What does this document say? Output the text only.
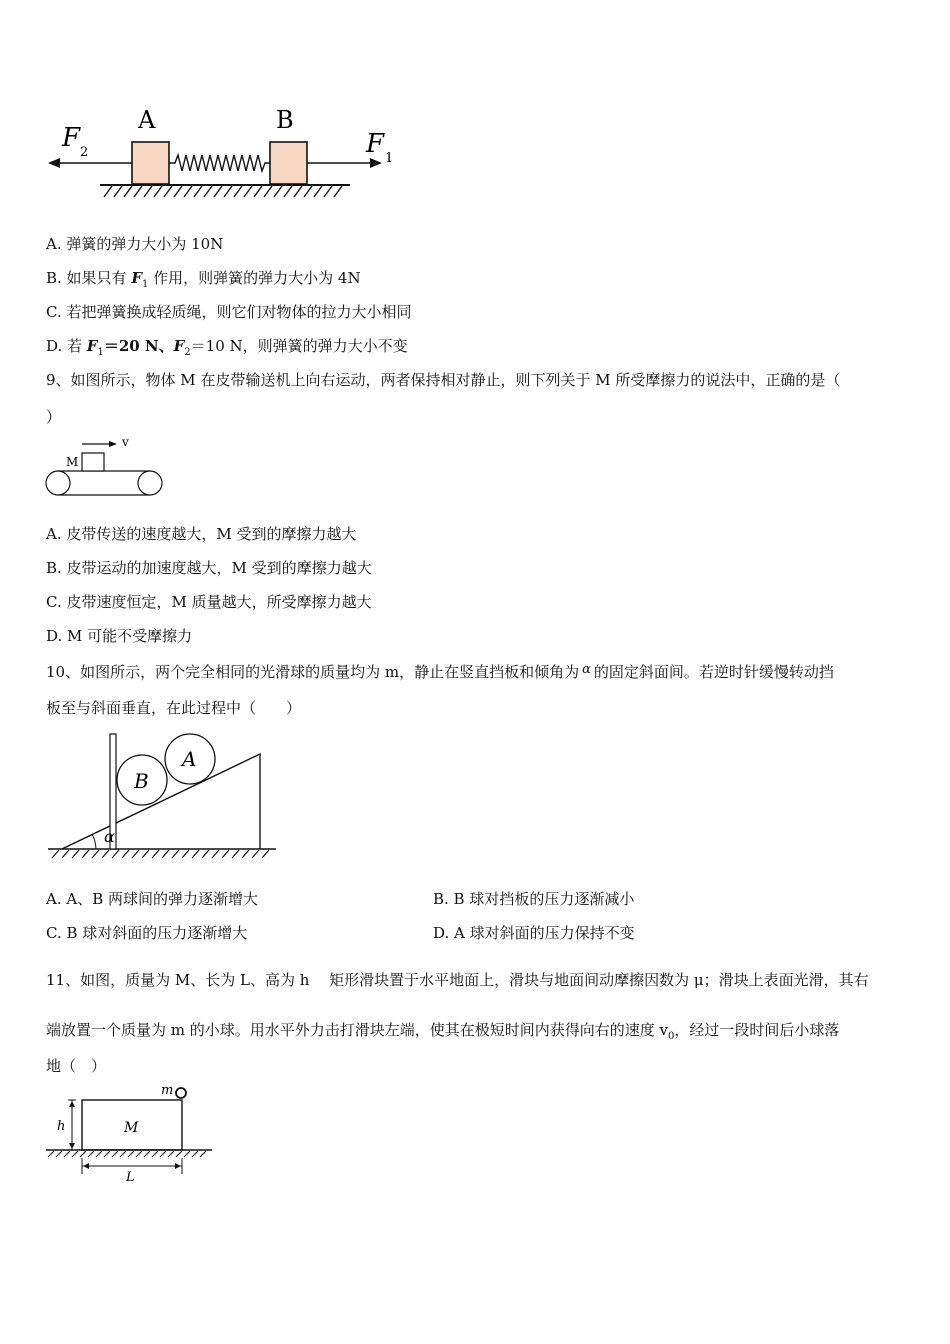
A	B
F 2	F 1
A. 弹簧的弹力大小为 10N
B. 如果只有 $F_1$ 作用，则弹簧的弹力大小为 4N
C. 若把弹簧换成轻质绳，则它们对物体的拉力大小相同
D. 若 $F_1=20$ N、$F_2=10$ N，则弹簧的弹力大小不变
9、如图所示，物体 M 在皮带输送机上向右运动，两者保持相对静止，则下列关于 M 所受摩擦力的说法中，正确的是（
）
M
v
A. 皮带传送的速度越大，M 受到的摩擦力越大
B. 皮带运动的加速度越大，M 受到的摩擦力越大
C. 皮带速度恒定，M 质量越大，所受摩擦力越大
D. M 可能不受摩擦力
10、如图所示，两个完全相同的光滑球的质量均为 m，静止在竖直挡板和倾角为 α 的固定斜面间。若逆时针缓慢转动挡
板至与斜面垂直，在此过程中（　　）
α
B
A
A. A、B 两球间的弹力逐渐增大	B. B 球对挡板的压力逐渐减小
C. B 球对斜面的压力逐渐增大	D. A 球对斜面的压力保持不变
11、如图，质量为 M、长为 L、高为 h　 矩形滑块置于水平地面上，滑块与地面间动摩擦因数为 μ；滑块上表面光滑，其右
端放置一个质量为 m 的小球。用水平外力击打滑块左端，使其在极短时间内获得向右的速度 $v_0$，经过一段时间后小球落
地（　）
M
m
h
L
